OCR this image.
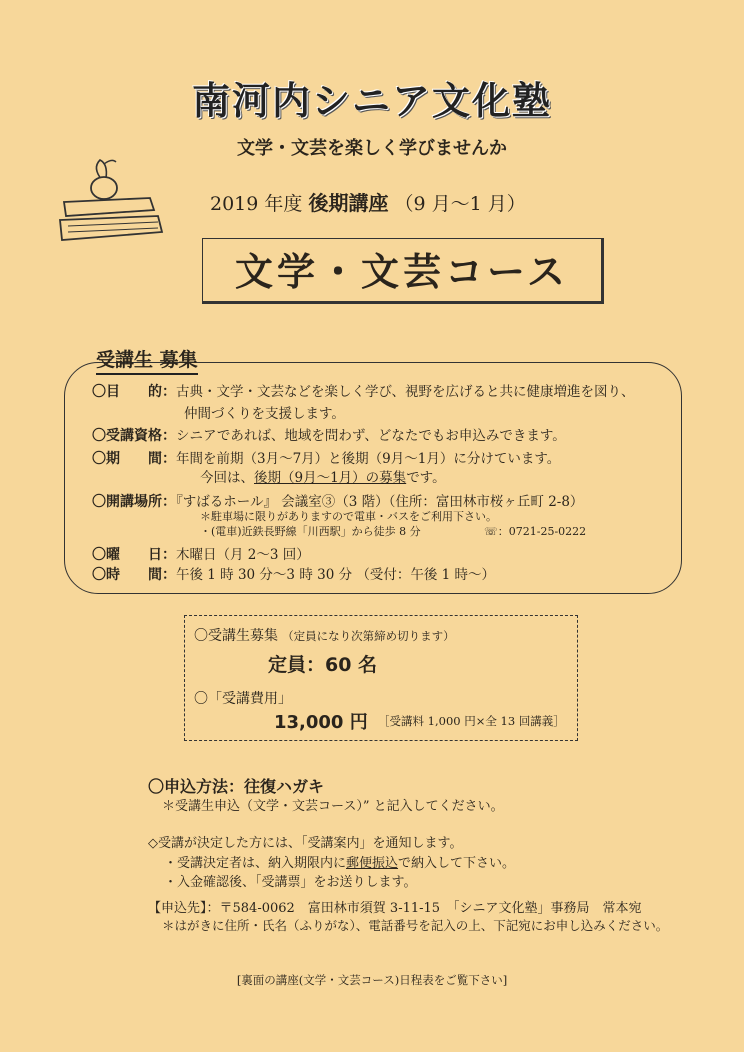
南河内シニア文化塾
文学・文芸を楽しく学びませんか
2019 年度 後期講座 （9 月～1 月）
文学・文芸コース
受講生 募集
〇目　　的：古典・文学・文芸などを楽しく学び、視野を広げると共に健康増進を図り、
仲間づくりを支援します。
〇受講資格：シニアであれば、地域を問わず、どなたでもお申込みできます。
〇期　　間：年間を前期（3月～7月）と後期（9月～1月）に分けています。
今回は、後期（9月～1月）の募集です。
〇開講場所：『すばるホール』 会議室③（3 階）（住所：富田林市桜ヶ丘町 2-8）
＊駐車場に限りがありますので電車・バスをご利用下さい。
・(電車)近鉄長野線「川西駅」から徒歩 8 分	☏：0721-25-0222
〇曜　　日：木曜日（月 2～3 回）
〇時　　間：午後 1 時 30 分～3 時 30 分 （受付：午後 1 時～）
〇受講生募集 （定員になり次第締め切ります）
定員：60 名
〇「受講費用」
13,000 円 ［受講料 1,000 円×全 13 回講義］
〇申込方法：往復ハガキ
＊受講生申込（文学・文芸コース）” と記入してください。
◇受講が決定した方には、「受講案内」を通知します。
・受講決定者は、納入期限内に郵便振込で納入して下さい。
・入金確認後、「受講票」をお送りします。
【申込先】：〒584-0062　富田林市須賀 3-11-15　「シニア文化塾」事務局　常本宛
＊はがきに住所・氏名（ふりがな）、電話番号を記入の上、下記宛にお申し込みください。
[裏面の講座(文学・文芸コース)日程表をご覧下さい]
